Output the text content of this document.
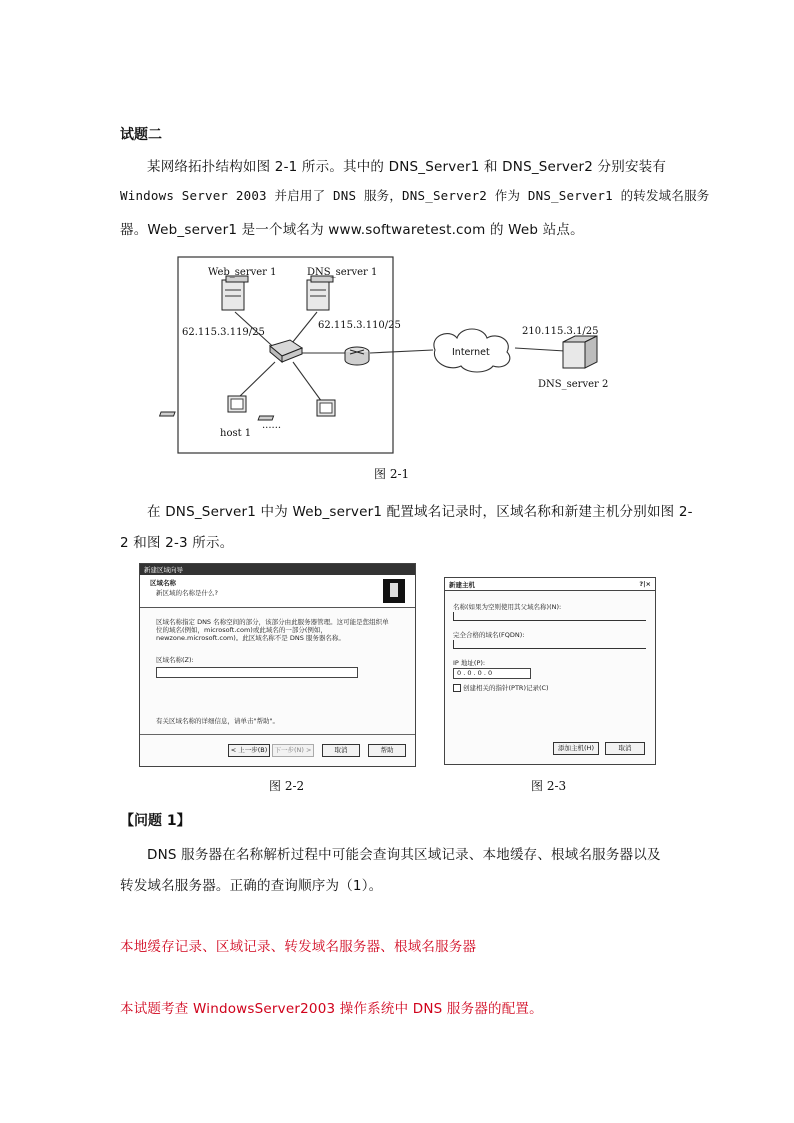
试题二
某网络拓扑结构如图 2-1 所示。其中的 DNS_Server1 和 DNS_Server2 分别安装有
Windows Server 2003 并启用了 DNS 服务，DNS_Server2 作为 DNS_Server1 的转发域名服务
器。Web_server1 是一个域名为 www.softwaretest.com 的 Web 站点。
Web_server 1	DNS_server 1
62.115.3.119/25
62.115.3.110/25
Internet
210.115.3.1/25
DNS_server 2
host 1
......
图 2-1
在 DNS_Server1 中为 Web_server1 配置域名记录时，区域名称和新建主机分别如图 2-
2 和图 2-3 所示。
新建区域向导
区域名称
新区域的名称是什么?
区域名称指定 DNS 名称空间的部分，该部分由此服务器管理。这可能是您组织单
位的域名(例如，microsoft.com)或此域名的一部分(例如，
newzone.microsoft.com)。此区域名称不是 DNS 服务器名称。
区域名称(Z):
有关区域名称的详细信息，请单击"帮助"。
< 上一步(B)	下一步(N) >	取消	帮助
图 2-2
新建主机	?|×
名称(如果为空则使用其父域名称)(N):
完全合格的域名(FQDN):
IP 地址(P):
0 . 0 . 0 . 0
创建相关的指针(PTR)记录(C)
添加主机(H)	取消
图 2-3
【问题 1】
DNS 服务器在名称解析过程中可能会查询其区域记录、本地缓存、根域名服务器以及
转发域名服务器。正确的查询顺序为（1）。
本地缓存记录、区域记录、转发域名服务器、根域名服务器
本试题考查 WindowsServer2003 操作系统中 DNS 服务器的配置。
